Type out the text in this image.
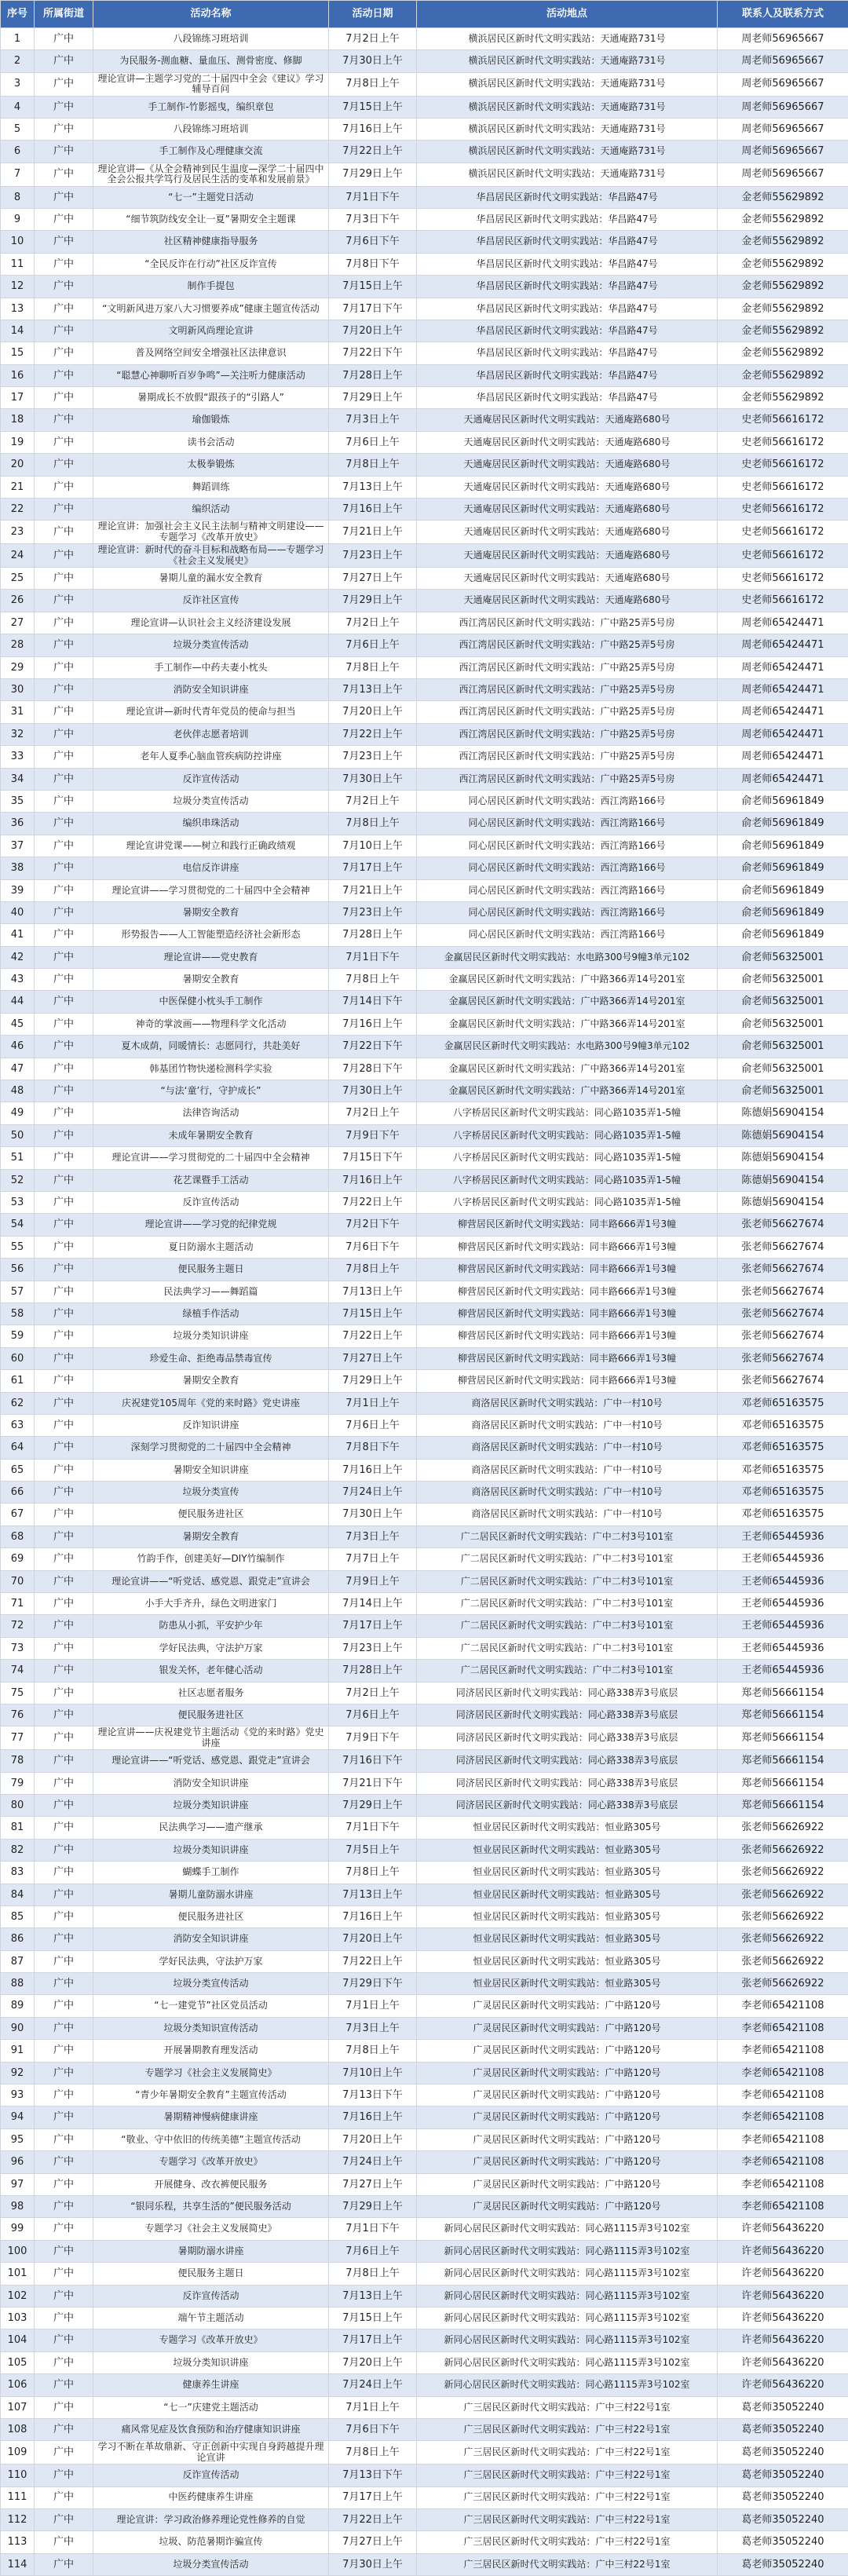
序号	所属街道	活动名称	活动日期	活动地点	联系人及联系方式
1	广中	八段锦练习班培训	7月2日上午	横浜居民区新时代文明实践站：天通庵路731号	周老师56965667
2	广中	为民服务-测血糖、量血压、测骨密度、修脚	7月30日上午	横浜居民区新时代文明实践站：天通庵路731号	周老师56965667
3	广中	理论宣讲—主题学习党的二十届四中全会《建议》学习辅导百问	7月8日上午	横浜居民区新时代文明实践站：天通庵路731号	周老师56965667
4	广中	手工制作-竹影摇曳，编织章包	7月15日上午	横浜居民区新时代文明实践站：天通庵路731号	周老师56965667
5	广中	八段锦练习班培训	7月16日上午	横浜居民区新时代文明实践站：天通庵路731号	周老师56965667
6	广中	手工制作及心理健康交流	7月22日上午	横浜居民区新时代文明实践站：天通庵路731号	周老师56965667
7	广中	理论宣讲—《从全会精神到民生温度—深学二十届四中全会公报共学笃行及居民生活的变革和发展前景》	7月29日上午	横浜居民区新时代文明实践站：天通庵路731号	周老师56965667
8	广中	“七一”主题党日活动	7月1日下午	华昌居民区新时代文明实践站：华昌路47号	金老师55629892
9	广中	“细节筑防线安全让一夏”暑期安全主题课	7月3日下午	华昌居民区新时代文明实践站：华昌路47号	金老师55629892
10	广中	社区精神健康指导服务	7月6日下午	华昌居民区新时代文明实践站：华昌路47号	金老师55629892
11	广中	“全民反诈在行动”社区反诈宣传	7月8日下午	华昌居民区新时代文明实践站：华昌路47号	金老师55629892
12	广中	制作手提包	7月15日上午	华昌居民区新时代文明实践站：华昌路47号	金老师55629892
13	广中	“文明新风进万家八大习惯要养成”健康主题宣传活动	7月17日下午	华昌居民区新时代文明实践站：华昌路47号	金老师55629892
14	广中	文明新风尚理论宣讲	7月20日上午	华昌居民区新时代文明实践站：华昌路47号	金老师55629892
15	广中	普及网络空间安全增强社区法律意识	7月22日下午	华昌居民区新时代文明实践站：华昌路47号	金老师55629892
16	广中	“聪慧心神聊听百岁争鸣”—关注听力健康活动	7月28日上午	华昌居民区新时代文明实践站：华昌路47号	金老师55629892
17	广中	暑期成长不放假“跟孩子的“引路人”	7月29日上午	华昌居民区新时代文明实践站：华昌路47号	金老师55629892
18	广中	瑜伽锻炼	7月3日上午	天通庵居民区新时代文明实践站：天通庵路680号	史老师56616172
19	广中	读书会活动	7月6日上午	天通庵居民区新时代文明实践站：天通庵路680号	史老师56616172
20	广中	太极拳锻炼	7月8日上午	天通庵居民区新时代文明实践站：天通庵路680号	史老师56616172
21	广中	舞蹈训练	7月13日上午	天通庵居民区新时代文明实践站：天通庵路680号	史老师56616172
22	广中	编织活动	7月16日上午	天通庵居民区新时代文明实践站：天通庵路680号	史老师56616172
23	广中	理论宣讲：加强社会主义民主法制与精神文明建设——专题学习《改革开放史》	7月21日上午	天通庵居民区新时代文明实践站：天通庵路680号	史老师56616172
24	广中	理论宣讲：新时代的奋斗目标和战略布局——专题学习《社会主义发展史》	7月23日上午	天通庵居民区新时代文明实践站：天通庵路680号	史老师56616172
25	广中	暑期儿童的漏水安全教育	7月27日上午	天通庵居民区新时代文明实践站：天通庵路680号	史老师56616172
26	广中	反诈社区宣传	7月29日上午	天通庵居民区新时代文明实践站：天通庵路680号	史老师56616172
27	广中	理论宣讲—认识社会主义经济建设发展	7月2日上午	西江湾居民区新时代文明实践站：广中路25弄5号房	周老师65424471
28	广中	垃圾分类宣传活动	7月6日上午	西江湾居民区新时代文明实践站：广中路25弄5号房	周老师65424471
29	广中	手工制作—中药夫妻小枕头	7月8日上午	西江湾居民区新时代文明实践站：广中路25弄5号房	周老师65424471
30	广中	消防安全知识讲座	7月13日上午	西江湾居民区新时代文明实践站：广中路25弄5号房	周老师65424471
31	广中	理论宣讲—新时代青年党员的使命与担当	7月20日上午	西江湾居民区新时代文明实践站：广中路25弄5号房	周老师65424471
32	广中	老伙伴志愿者培训	7月22日上午	西江湾居民区新时代文明实践站：广中路25弄5号房	周老师65424471
33	广中	老年人夏季心脑血管疾病防控讲座	7月23日上午	西江湾居民区新时代文明实践站：广中路25弄5号房	周老师65424471
34	广中	反诈宣传活动	7月30日上午	西江湾居民区新时代文明实践站：广中路25弄5号房	周老师65424471
35	广中	垃圾分类宣传活动	7月2日上午	同心居民区新时代文明实践站：西江湾路166号	俞老师56961849
36	广中	编织串珠活动	7月8日上午	同心居民区新时代文明实践站：西江湾路166号	俞老师56961849
37	广中	理论宣讲党课——树立和践行正确政绩观	7月10日上午	同心居民区新时代文明实践站：西江湾路166号	俞老师56961849
38	广中	电信反诈讲座	7月17日上午	同心居民区新时代文明实践站：西江湾路166号	俞老师56961849
39	广中	理论宣讲——学习贯彻党的二十届四中全会精神	7月21日上午	同心居民区新时代文明实践站：西江湾路166号	俞老师56961849
40	广中	暑期安全教育	7月23日上午	同心居民区新时代文明实践站：西江湾路166号	俞老师56961849
41	广中	形势报告——人工智能塑造经济社会新形态	7月28日上午	同心居民区新时代文明实践站：西江湾路166号	俞老师56961849
42	广中	理论宣讲——党史教育	7月1日下午	金赢居民区新时代文明实践站：水电路300号9幢3单元102	俞老师56325001
43	广中	暑期安全教育	7月8日上午	金赢居民区新时代文明实践站：广中路366弄14号201室	俞老师56325001
44	广中	中医保健小枕头手工制作	7月14日下午	金赢居民区新时代文明实践站：广中路366弄14号201室	俞老师56325001
45	广中	神奇的掌波画——物理科学文化活动	7月16日上午	金赢居民区新时代文明实践站：广中路366弄14号201室	俞老师56325001
46	广中	夏木成荫，同暖情长：志愿同行，共赴美好	7月22日下午	金赢居民区新时代文明实践站：水电路300号9幢3单元102	俞老师56325001
47	广中	韩基团竹物快递检测科学实验	7月28日下午	金赢居民区新时代文明实践站：广中路366弄14号201室	俞老师56325001
48	广中	“与法‘童’行，守护成长”	7月30日上午	金赢居民区新时代文明实践站：广中路366弄14号201室	俞老师56325001
49	广中	法律咨询活动	7月2日上午	八字桥居民区新时代文明实践站：同心路1035弄1-5幢	陈德娟56904154
50	广中	未成年暑期安全教育	7月9日下午	八字桥居民区新时代文明实践站：同心路1035弄1-5幢	陈德娟56904154
51	广中	理论宣讲——学习贯彻党的二十届四中全会精神	7月15日下午	八字桥居民区新时代文明实践站：同心路1035弄1-5幢	陈德娟56904154
52	广中	花艺课暨手工活动	7月16日上午	八字桥居民区新时代文明实践站：同心路1035弄1-5幢	陈德娟56904154
53	广中	反诈宣传活动	7月22日上午	八字桥居民区新时代文明实践站：同心路1035弄1-5幢	陈德娟56904154
54	广中	理论宣讲——学习党的纪律党规	7月2日下午	柳营居民区新时代文明实践站：同丰路666弄1号3幢	张老师56627674
55	广中	夏日防溺水主题活动	7月6日下午	柳营居民区新时代文明实践站：同丰路666弄1号3幢	张老师56627674
56	广中	便民服务主题日	7月8日上午	柳营居民区新时代文明实践站：同丰路666弄1号3幢	张老师56627674
57	广中	民法典学习——舞蹈篇	7月13日上午	柳营居民区新时代文明实践站：同丰路666弄1号3幢	张老师56627674
58	广中	绿植手作活动	7月15日上午	柳营居民区新时代文明实践站：同丰路666弄1号3幢	张老师56627674
59	广中	垃圾分类知识讲座	7月22日上午	柳营居民区新时代文明实践站：同丰路666弄1号3幢	张老师56627674
60	广中	珍爱生命、拒绝毒品禁毒宣传	7月27日上午	柳营居民区新时代文明实践站：同丰路666弄1号3幢	张老师56627674
61	广中	暑期安全教育	7月29日上午	柳营居民区新时代文明实践站：同丰路666弄1号3幢	张老师56627674
62	广中	庆祝建党105周年《党的来时路》党史讲座	7月1日上午	商洛居民区新时代文明实践站：广中一村10号	邓老师65163575
63	广中	反诈知识讲座	7月6日上午	商洛居民区新时代文明实践站：广中一村10号	邓老师65163575
64	广中	深刻学习贯彻党的二十届四中全会精神	7月8日下午	商洛居民区新时代文明实践站：广中一村10号	邓老师65163575
65	广中	暑期安全知识讲座	7月16日上午	商洛居民区新时代文明实践站：广中一村10号	邓老师65163575
66	广中	垃圾分类宣传	7月24日上午	商洛居民区新时代文明实践站：广中一村10号	邓老师65163575
67	广中	便民服务进社区	7月30日上午	商洛居民区新时代文明实践站：广中一村10号	邓老师65163575
68	广中	暑期安全教育	7月3日上午	广二居民区新时代文明实践站：广中二村3号101室	王老师65445936
69	广中	竹韵手作，创建美好—DIY竹编制作	7月7日上午	广二居民区新时代文明实践站：广中二村3号101室	王老师65445936
70	广中	理论宣讲——“听党话、感党恩、跟党走”宣讲会	7月9日上午	广二居民区新时代文明实践站：广中二村3号101室	王老师65445936
71	广中	小手大手齐升，绿色文明进家门	7月14日上午	广二居民区新时代文明实践站：广中二村3号101室	王老师65445936
72	广中	防患从小抓，平安护少年	7月17日上午	广二居民区新时代文明实践站：广中二村3号101室	王老师65445936
73	广中	学好民法典，守法护万家	7月23日上午	广二居民区新时代文明实践站：广中二村3号101室	王老师65445936
74	广中	银发关怀，老年健心活动	7月28日上午	广二居民区新时代文明实践站：广中二村3号101室	王老师65445936
75	广中	社区志愿者服务	7月2日上午	同济居民区新时代文明实践站：同心路338弄3号底层	郑老师56661154
76	广中	便民服务进社区	7月6日上午	同济居民区新时代文明实践站：同心路338弄3号底层	郑老师56661154
77	广中	理论宣讲——庆祝建党节主题活动《党的来时路》党史讲座	7月9日下午	同济居民区新时代文明实践站：同心路338弄3号底层	郑老师56661154
78	广中	理论宣讲——“听党话、感党恩、跟党走”宣讲会	7月16日下午	同济居民区新时代文明实践站：同心路338弄3号底层	郑老师56661154
79	广中	消防安全知识讲座	7月21日下午	同济居民区新时代文明实践站：同心路338弄3号底层	郑老师56661154
80	广中	垃圾分类知识讲座	7月29日上午	同济居民区新时代文明实践站：同心路338弄3号底层	郑老师56661154
81	广中	民法典学习——遗产继承	7月1日下午	恒业居民区新时代文明实践站：恒业路305号	张老师56626922
82	广中	垃圾分类知识讲座	7月5日上午	恒业居民区新时代文明实践站：恒业路305号	张老师56626922
83	广中	蝴蝶手工制作	7月8日上午	恒业居民区新时代文明实践站：恒业路305号	张老师56626922
84	广中	暑期儿童防溺水讲座	7月13日上午	恒业居民区新时代文明实践站：恒业路305号	张老师56626922
85	广中	便民服务进社区	7月16日上午	恒业居民区新时代文明实践站：恒业路305号	张老师56626922
86	广中	消防安全知识讲座	7月20日上午	恒业居民区新时代文明实践站：恒业路305号	张老师56626922
87	广中	学好民法典，守法护万家	7月22日上午	恒业居民区新时代文明实践站：恒业路305号	张老师56626922
88	广中	垃圾分类宣传活动	7月29日下午	恒业居民区新时代文明实践站：恒业路305号	张老师56626922
89	广中	“七一建党节”社区党员活动	7月1日上午	广灵居民区新时代文明实践站：广中路120号	李老师65421108
90	广中	垃圾分类知识宣传活动	7月3日上午	广灵居民区新时代文明实践站：广中路120号	李老师65421108
91	广中	开展暑期教育理发活动	7月8日上午	广灵居民区新时代文明实践站：广中路120号	李老师65421108
92	广中	专题学习《社会主义发展简史》	7月10日上午	广灵居民区新时代文明实践站：广中路120号	李老师65421108
93	广中	“青少年暑期安全教育”主题宣传活动	7月13日下午	广灵居民区新时代文明实践站：广中路120号	李老师65421108
94	广中	暑期精神慢病健康讲座	7月16日上午	广灵居民区新时代文明实践站：广中路120号	李老师65421108
95	广中	“敬业、守中依旧的传统美德”主题宣传活动	7月20日上午	广灵居民区新时代文明实践站：广中路120号	李老师65421108
96	广中	专题学习《改革开放史》	7月24日上午	广灵居民区新时代文明实践站：广中路120号	李老师65421108
97	广中	开展健身、改衣裤便民服务	7月27日上午	广灵居民区新时代文明实践站：广中路120号	李老师65421108
98	广中	“银同乐程，共享生活的”便民服务活动	7月29日上午	广灵居民区新时代文明实践站：广中路120号	李老师65421108
99	广中	专题学习《社会主义发展简史》	7月1日下午	新同心居民区新时代文明实践站：同心路1115弄3号102室	许老师56436220
100	广中	暑期防溺水讲座	7月6日上午	新同心居民区新时代文明实践站：同心路1115弄3号102室	许老师56436220
101	广中	便民服务主题日	7月8日上午	新同心居民区新时代文明实践站：同心路1115弄3号102室	许老师56436220
102	广中	反诈宣传活动	7月13日上午	新同心居民区新时代文明实践站：同心路1115弄3号102室	许老师56436220
103	广中	端午节主题活动	7月15日上午	新同心居民区新时代文明实践站：同心路1115弄3号102室	许老师56436220
104	广中	专题学习《改革开放史》	7月17日上午	新同心居民区新时代文明实践站：同心路1115弄3号102室	许老师56436220
105	广中	垃圾分类知识讲座	7月20日上午	新同心居民区新时代文明实践站：同心路1115弄3号102室	许老师56436220
106	广中	健康养生讲座	7月24日上午	新同心居民区新时代文明实践站：同心路1115弄3号102室	许老师56436220
107	广中	“七一”庆建党主题活动	7月1日上午	广三居民区新时代文明实践站：广中三村22号1室	葛老师35052240
108	广中	痛风常见症及饮食预防和治疗健康知识讲座	7月6日下午	广三居民区新时代文明实践站：广中三村22号1室	葛老师35052240
109	广中	学习不断在革故鼎新、守正创新中实现自身跨越提升理论宣讲	7月8日上午	广三居民区新时代文明实践站：广中三村22号1室	葛老师35052240
110	广中	反诈宣传活动	7月13日下午	广三居民区新时代文明实践站：广中三村22号1室	葛老师35052240
111	广中	中医药健康养生讲座	7月17日上午	广三居民区新时代文明实践站：广中三村22号1室	葛老师35052240
112	广中	理论宣讲：学习政治修养理论党性修养的自觉	7月22日上午	广三居民区新时代文明实践站：广中三村22号1室	葛老师35052240
113	广中	垃圾、防范暑期诈骗宣传	7月27日上午	广三居民区新时代文明实践站：广中三村22号1室	葛老师35052240
114	广中	垃圾分类宣传活动	7月30日上午	广三居民区新时代文明实践站：广中三村22号1室	葛老师35052240
